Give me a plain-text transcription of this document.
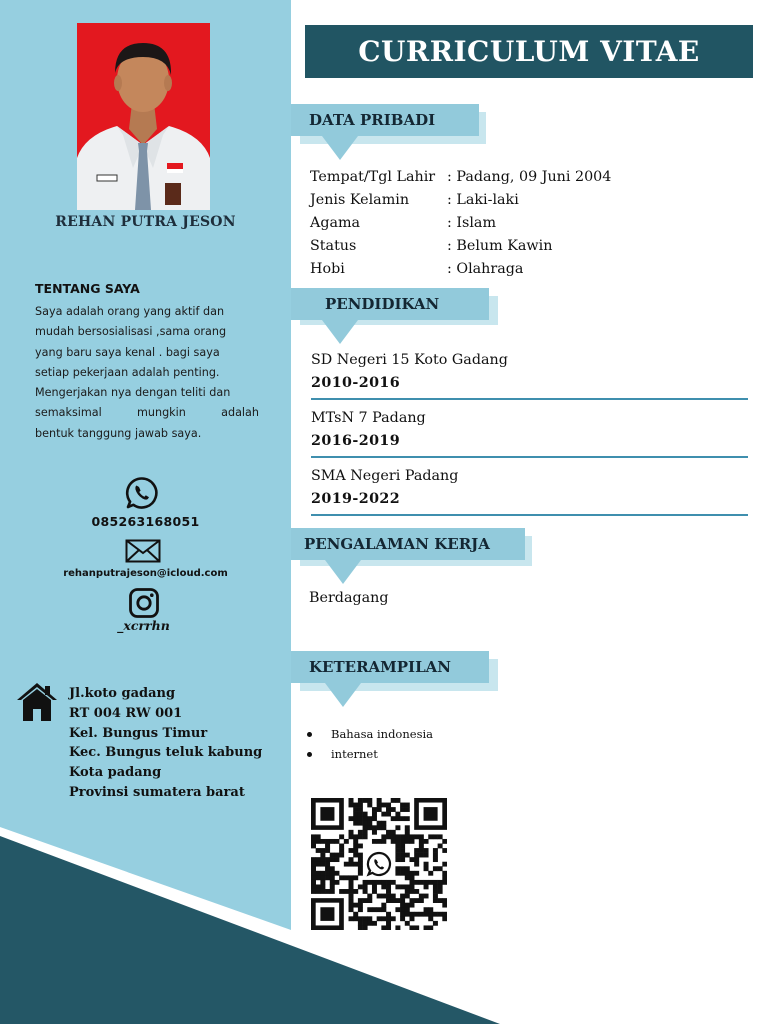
REHAN PUTRA JESON
TENTANG SAYA
Saya adalah orang yang aktif dan
mudah bersosialisasi ,sama orang
yang baru saya kenal . bagi saya
setiap pekerjaan adalah penting.
Mengerjakan nya dengan teliti dan
semaksimal	mungkin	adalah
bentuk tanggung jawab saya.
085263168051
rehanputrajeson@icloud.com
_xcrrhn
Jl.koto gadang
RT 004 RW 001
Kel. Bungus Timur
Kec. Bungus teluk kabung
Kota padang
Provinsi sumatera barat
CURRICULUM VITAE
DATA PRIBADI
Tempat/Tgl Lahir : Padang, 09 Juni 2004
Jenis Kelamin	: Laki-laki
Agama	: Islam
Status	: Belum Kawin
Hobi	: Olahraga
PENDIDIKAN
SD Negeri 15 Koto Gadang
2010-2016
MTsN 7 Padang
2016-2019
SMA Negeri Padang
2019-2022
PENGALAMAN KERJA
Berdagang
KETERAMPILAN
Bahasa indonesia
internet
